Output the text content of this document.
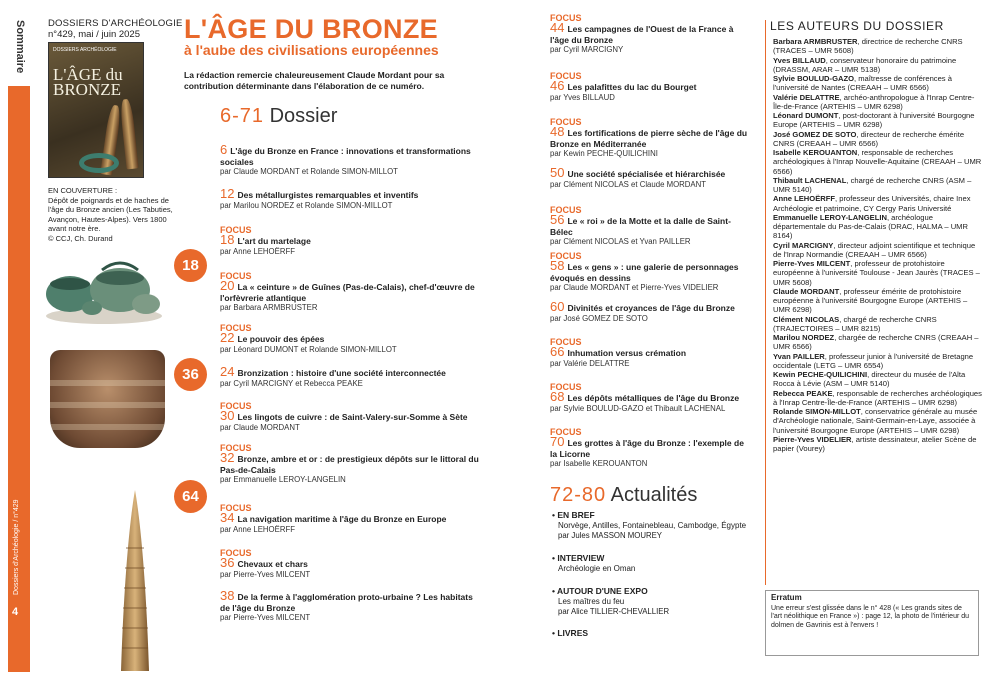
Sommaire
Dossiers d'Archéologie / n°429
4
DOSSIERS D'ARCHÉOLOGIE
n°429, mai / juin 2025
DOSSIERS ARCHÉOLOGIE
L'ÂGE du BRONZE
EN COUVERTURE :
Dépôt de poignards et de haches de l'âge du Bronze ancien (Les Tabuties, Avançon, Hautes-Alpes). Vers 1800 avant notre ère.
© CCJ, Ch. Durand
18
36
64
L'ÂGE DU BRONZE
à l'aube des civilisations européennes
La rédaction remercie chaleureusement Claude Mordant pour sa contribution déterminante dans l'élaboration de ce numéro.
6-71 Dossier
6 L'âge du Bronze en France : innovations et transformations sociales
par Claude MORDANT et Rolande SIMON-MILLOT
12 Des métallurgistes remarquables et inventifs
par Marilou NORDEZ et Rolande SIMON-MILLOT
FOCUS
18 L'art du martelage
par Anne LEHOËRFF
FOCUS
20 La « ceinture » de Guînes (Pas-de-Calais), chef-d'œuvre de l'orfèvrerie atlantique
par Barbara ARMBRUSTER
FOCUS
22 Le pouvoir des épées
par Léonard DUMONT et Rolande SIMON-MILLOT
24 Bronzization : histoire d'une société interconnectée
par Cyril MARCIGNY et Rebecca PEAKE
FOCUS
30 Les lingots de cuivre : de Saint-Valery-sur-Somme à Sète
par Claude MORDANT
FOCUS
32 Bronze, ambre et or : de prestigieux dépôts sur le littoral du Pas-de-Calais
par Emmanuelle LEROY-LANGELIN
FOCUS
34 La navigation maritime à l'âge du Bronze en Europe
par Anne LEHOËRFF
FOCUS
36 Chevaux et chars
par Pierre-Yves MILCENT
38 De la ferme à l'agglomération proto-urbaine ? Les habitats de l'âge du Bronze
par Pierre-Yves MILCENT
FOCUS
44 Les campagnes de l'Ouest de la France à l'âge du Bronze
par Cyril MARCIGNY
FOCUS
46 Les palafittes du lac du Bourget
par Yves BILLAUD
FOCUS
48 Les fortifications de pierre sèche de l'âge du Bronze en Méditerranée
par Kewin PECHE-QUILICHINI
50 Une société spécialisée et hiérarchisée
par Clément NICOLAS et Claude MORDANT
FOCUS
56 Le « roi » de la Motte et la dalle de Saint-Bélec
par Clément NICOLAS et Yvan PAILLER
FOCUS
58 Les « gens » : une galerie de personnages évoqués en dessins
par Claude MORDANT et Pierre-Yves VIDELIER
60 Divinités et croyances de l'âge du Bronze
par José GOMEZ DE SOTO
FOCUS
66 Inhumation versus crémation
par Valérie DELATTRE
FOCUS
68 Les dépôts métalliques de l'âge du Bronze
par Sylvie BOULUD-GAZO et Thibault LACHENAL
FOCUS
70 Les grottes à l'âge du Bronze : l'exemple de la Licorne
par Isabelle KEROUANTON
72-80 Actualités
• EN BREF
Norvège, Antilles, Fontainebleau, Cambodge, Égypte
par Jules MASSON MOUREY
• INTERVIEW
Archéologie en Oman
• AUTOUR D'UNE EXPO
Les maîtres du feu
par Alice TILLIER-CHEVALLIER
• LIVRES
LES AUTEURS DU DOSSIER

Barbara ARMBRUSTER, directrice de recherche CNRS (TRACES – UMR 5608)

Yves BILLAUD, conservateur honoraire du patrimoine (DRASSM, ARAR – UMR 5138)

Sylvie BOULUD-GAZO, maîtresse de conférences à l'université de Nantes (CREAAH – UMR 6566)

Valérie DELATTRE, archéo-anthropologue à l'Inrap Centre-Île-de-France (ARTEHIS – UMR 6298)

Léonard DUMONT, post-doctorant à l'université Bourgogne Europe (ARTEHIS – UMR 6298)

José GOMEZ DE SOTO, directeur de recherche émérite CNRS (CREAAH – UMR 6566)

Isabelle KEROUANTON, responsable de recherches archéologiques à l'Inrap Nouvelle-Aquitaine (CREAAH – UMR 6566)

Thibault LACHENAL, chargé de recherche CNRS (ASM – UMR 5140)

Anne LEHOËRFF, professeur des Universités, chaire Inex Archéologie et patrimoine, CY Cergy Paris Université

Emmanuelle LEROY-LANGELIN, archéologue départementale du Pas-de-Calais (DRAC, HALMA – UMR 8164)

Cyril MARCIGNY, directeur adjoint scientifique et technique de l'Inrap Normandie (CREAAH – UMR 6566)

Pierre-Yves MILCENT, professeur de protohistoire européenne à l'université Toulouse - Jean Jaurès (TRACES – UMR 5608)

Claude MORDANT, professeur émérite de protohistoire européenne à l'université Bourgogne Europe (ARTEHIS – UMR 6298)

Clément NICOLAS, chargé de recherche CNRS (TRAJECTOIRES – UMR 8215)

Marilou NORDEZ, chargée de recherche CNRS (CREAAH – UMR 6566)

Yvan PAILLER, professeur junior à l'université de Bretagne occidentale (LETG – UMR 6554)

Kewin PECHE-QUILICHINI, directeur du musée de l'Alta Rocca à Lévie (ASM – UMR 5140)

Rebecca PEAKE, responsable de recherches archéologiques à l'Inrap Centre-Île-de-France (ARTEHIS – UMR 6298)

Rolande SIMON-MILLOT, conservatrice générale au musée d'Archéologie nationale, Saint-Germain-en-Laye, associée à l'université Bourgogne Europe (ARTEHIS – UMR 6298)

Pierre-Yves VIDELIER, artiste dessinateur, atelier Scène de papier (Vourey)

Erratum
Une erreur s'est glissée dans le n° 428 (« Les grands sites de l'art néolithique en France ») : page 12, la photo de l'intérieur du dolmen de Gavrinis est à l'envers !
